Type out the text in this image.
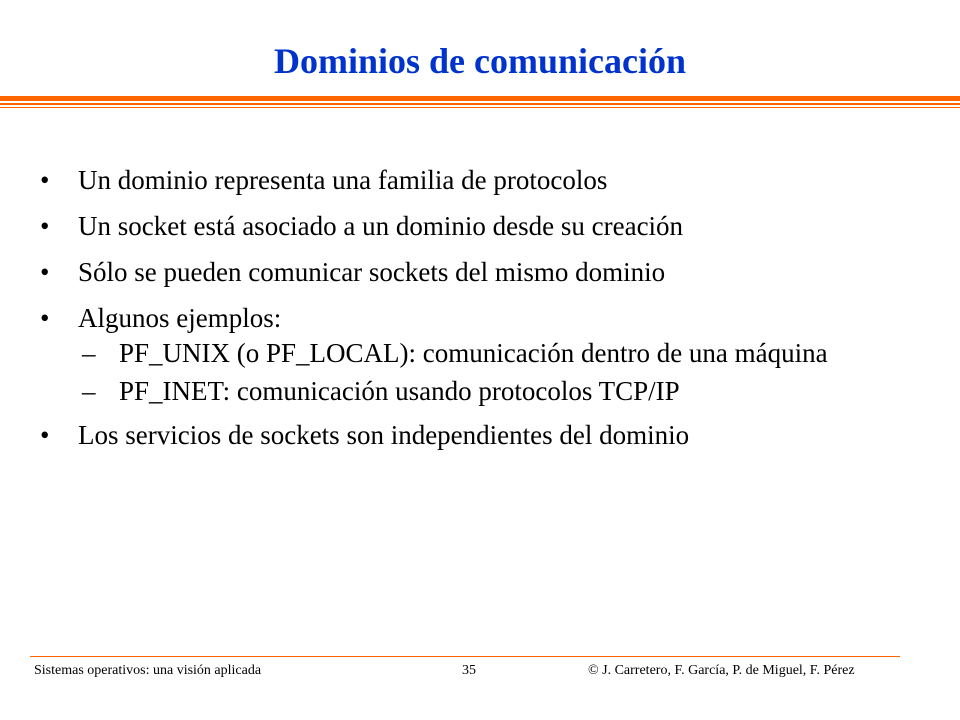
Dominios de comunicación
•	Un dominio representa una familia de protocolos
•	Un socket está asociado a un dominio desde su creación
•	Sólo se pueden comunicar sockets del mismo dominio
•	Algunos ejemplos:
– PF_UNIX (o PF_LOCAL): comunicación dentro de una máquina
– PF_INET: comunicación usando protocolos TCP/IP
•	Los servicios de sockets son independientes del dominio
Sistemas operativos: una visión aplicada	35	© J. Carretero, F. García, P. de Miguel, F. Pérez
